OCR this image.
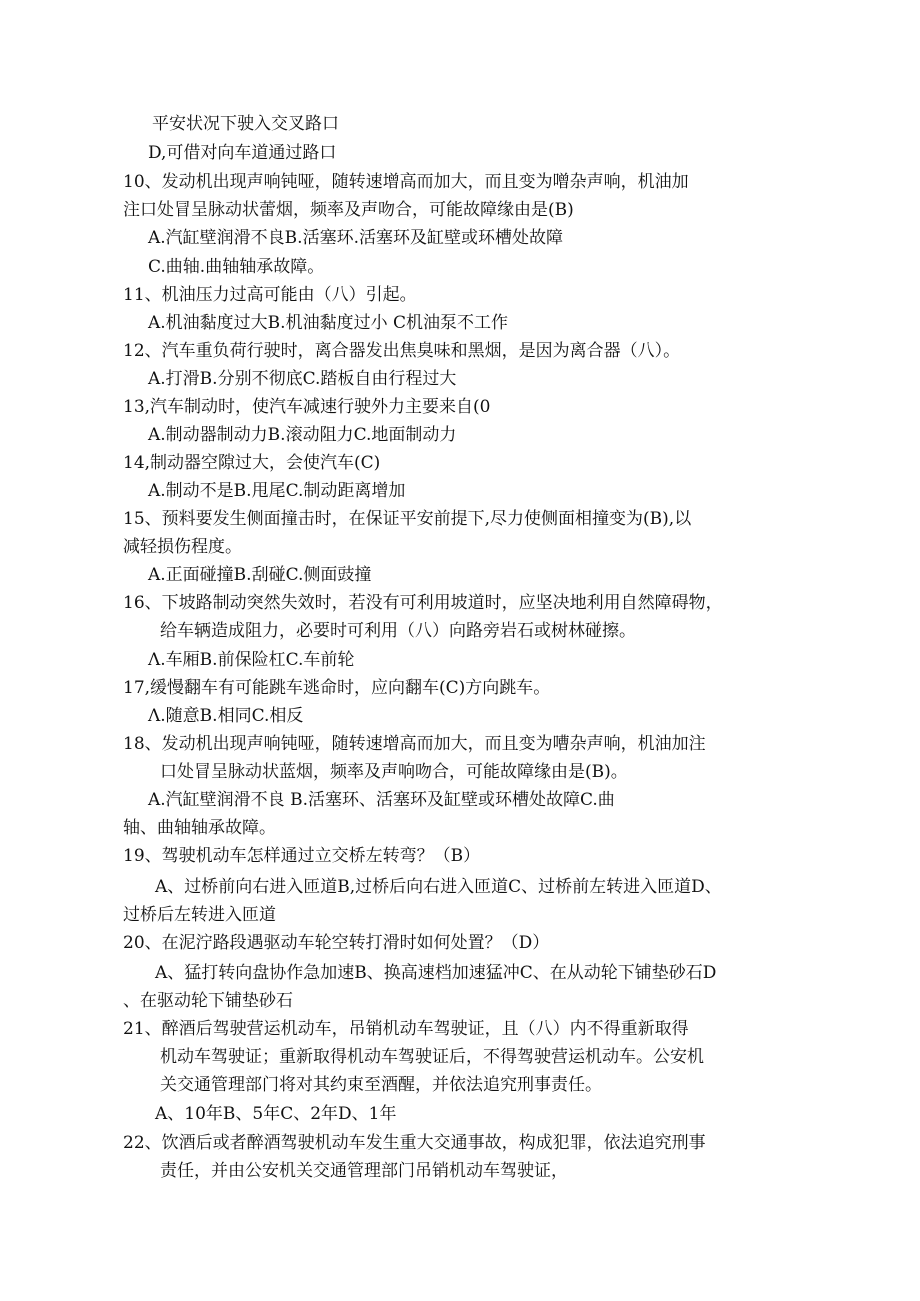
平安状况下驶入交叉路口
D,可借对向车道通过路口
10、发动机出现声响钝哑，随转速增高而加大，而且变为噌杂声响，机油加
注口处冒呈脉动状蕾烟，频率及声吻合，可能故障缘由是(B)
A.汽缸壁润滑不良B.活塞环.活塞环及缸壁或环槽处故障
C.曲轴.曲轴轴承故障。
11、机油压力过高可能由（八）引起。
A.机油黏度过大B.机油黏度过小 C机油泵不工作
12、汽车重负荷行驶时，离合器发出焦臭味和黑烟，是因为离合器（八）。
A.打滑B.分别不彻底C.踏板自由行程过大
13,汽车制动时，使汽车减速行驶外力主要来自(0
A.制动器制动力B.滚动阻力C.地面制动力
14,制动器空隙过大，会使汽车(C)
A.制动不是B.甩尾C.制动距离增加
15、预料要发生侧面撞击时，在保证平安前提下,尽力使侧面相撞变为(B),以
减轻损伤程度。
A.正面碰撞B.刮碰C.侧面豉撞
16、下坡路制动突然失效时，若没有可利用坡道时，应坚决地利用自然障碍物，
给车辆造成阻力，必要时可利用（八）向路旁岩石或树林碰擦。
Λ.车厢B.前保险杠C.车前轮
17,缓慢翻车有可能跳车逃命时，应向翻车(C)方向跳车。
Λ.随意B.相同C.相反
18、发动机出现声响钝哑，随转速增高而加大，而且变为嘈杂声响，机油加注
口处冒呈脉动状蓝烟，频率及声响吻合，可能故障缘由是(B)。
A.汽缸壁润滑不良 B.活塞环、活塞环及缸壁或环槽处故障C.曲
轴、曲轴轴承故障。
19、驾驶机动车怎样通过立交桥左转弯？（B）
A、过桥前向右进入匝道B,过桥后向右进入匝道C、过桥前左转进入匝道D、
过桥后左转进入匝道
20、在泥泞路段遇驱动车轮空转打滑时如何处置？（D）
A、猛打转向盘协作急加速B、换高速档加速猛冲C、在从动轮下铺垫砂石D
、在驱动轮下铺垫砂石
21、醉酒后驾驶营运机动车，吊销机动车驾驶证，且（八）内不得重新取得
机动车驾驶证；重新取得机动车驾驶证后，不得驾驶营运机动车。公安机
关交通管理部门将对其约束至酒醒，并依法追究刑事责任。
A、10年B、5年C、2年D、1年
22、饮酒后或者醉酒驾驶机动车发生重大交通事故，构成犯罪，依法追究刑事
责任，并由公安机关交通管理部门吊销机动车驾驶证，
